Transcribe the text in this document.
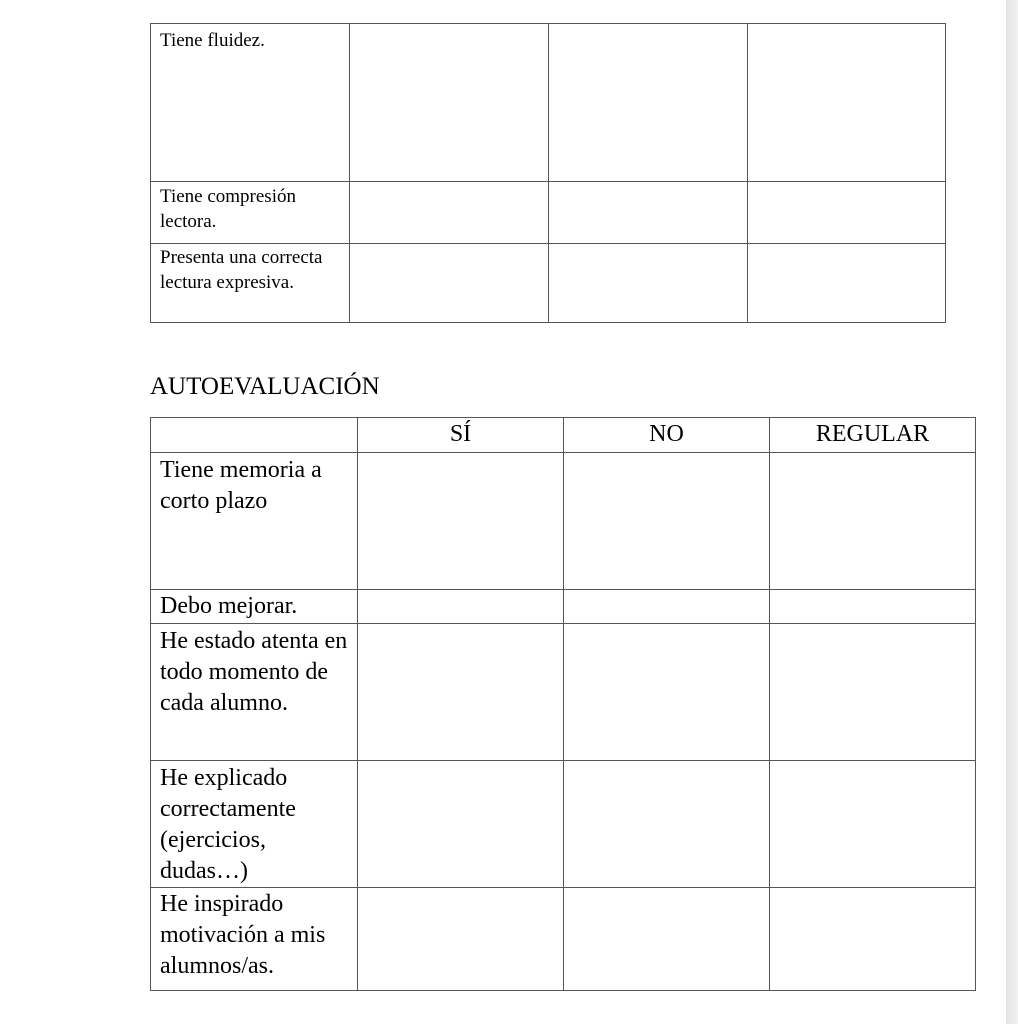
Tiene fluidez.			
Tiene compresión lectora.			
Presenta una correcta lectura expresiva.			
AUTOEVALUACIÓN
	SÍ	NO	REGULAR
Tiene memoria a corto plazo			
Debo mejorar.			
He estado atenta en todo momento de cada alumno.			
He explicado correctamente (ejercicios, dudas…)			
He inspirado motivación a mis alumnos/as.			
